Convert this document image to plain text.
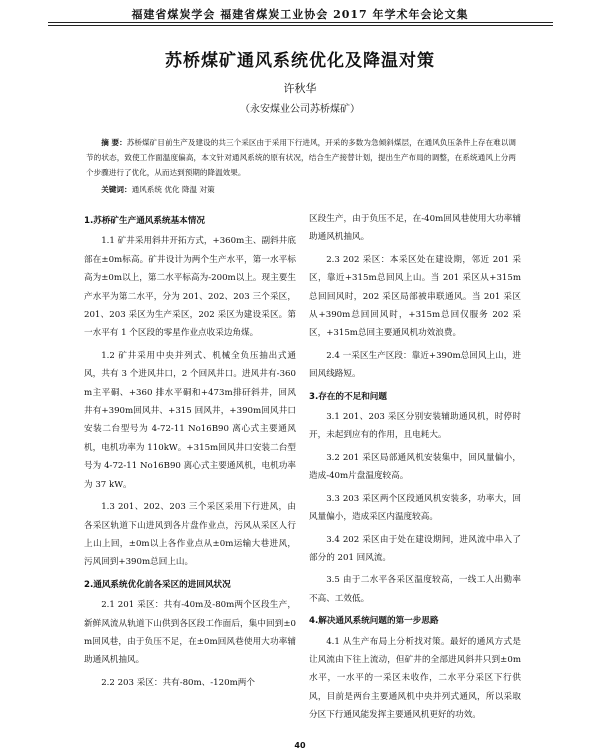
福建省煤炭学会 福建省煤炭工业协会 2017 年学术年会论文集
苏桥煤矿通风系统优化及降温对策
许秋华
（永安煤业公司苏桥煤矿）
摘 要：苏桥煤矿目前生产及建设的共三个采区由于采用下行进风，开采的多数为急倾斜煤层，在通风负压条件上存在难以调节的状态，致使工作面温度偏高，本文针对通风系统的原有状况，结合生产接替计划，提出生产布局的调整，在系统通风上分两个步骤进行了优化，从而达到预期的降温效果。
关键词：通风系统 优化 降温 对策
1.苏桥矿生产通风系统基本情况
1.1 矿井采用斜井开拓方式，+360m主、副斜井底部在±0m标高。矿井设计为两个生产水平，第一水平标高为±0m以上，第二水平标高为-200m以上。现主要生产水平为第二水平，分为 201、202、203 三个采区，201、203 采区为生产采区，202 采区为建设采区。第一水平有 1 个区段的零星作业点收采边角煤。
1.2 矿井采用中央并列式、机械全负压抽出式通风，共有 3 个进风井口，2 个回风井口。进风井有-360m主平硐、+360 排水平硐和+473m排矸斜井，回风井有+390m回风井、+315 回风井，+390m回风井口安装二台型号为 4-72-11 No16B90 离心式主要通风机，电机功率为 110kW。+315m回风井口安装二台型号为 4-72-11 No16B90 离心式主要通风机，电机功率为 37 kW。
1.3 201、202、203 三个采区采用下行进风，由各采区轨道下山进风到各片盘作业点，污风从采区人行上山上回，±0m以上各作业点从±0m运输大巷进风，污风回到+390m总回上山。
2.通风系统优化前各采区的进回风状况
2.1 201 采区：共有-40m及-80m两个区段生产，新鲜风流从轨道下山供到各区段工作面后，集中回到±0m回风巷，由于负压不足，在±0m回风巷使用大功率辅助通风机抽风。
2.2 203 采区：共有-80m、-120m两个
区段生产，由于负压不足，在-40m回风巷使用大功率辅助通风机抽风。
2.3 202 采区：本采区处在建设期，邻近 201 采区，靠近+315m总回风上山。当 201 采区从+315m总回回风时，202 采区局部被串联通风。当 201 采区从+390m总回回风时，+315m总回仅服务 202 采区，+315m总回主要通风机功效浪费。
2.4 一采区生产区段：靠近+390m总回风上山，进回风线路短。
3.存在的不足和问题
3.1 201、203 采区分别安装辅助通风机，时停时开，未起到应有的作用，且电耗大。
3.2 201 采区局部通风机安装集中，回风量偏小，造成-40m片盘温度较高。
3.3 203 采区两个区段通风机安装多，功率大，回风量偏小，造成采区内温度较高。
3.4 202 采区由于处在建设期间，进风流中串入了部分的 201 回风流。
3.5 由于二水平各采区温度较高，一线工人出勤率不高、工效低。
4.解决通风系统问题的第一步思路
4.1 从生产布局上分析找对策。最好的通风方式是让风流由下往上流动，但矿井的全部进风斜井只到±0m水平，一水平的一采区未收作，二水平分采区下行供风，目前是两台主要通风机中央并列式通风，所以采取分区下行通风能发挥主要通风机更好的功效。
40
